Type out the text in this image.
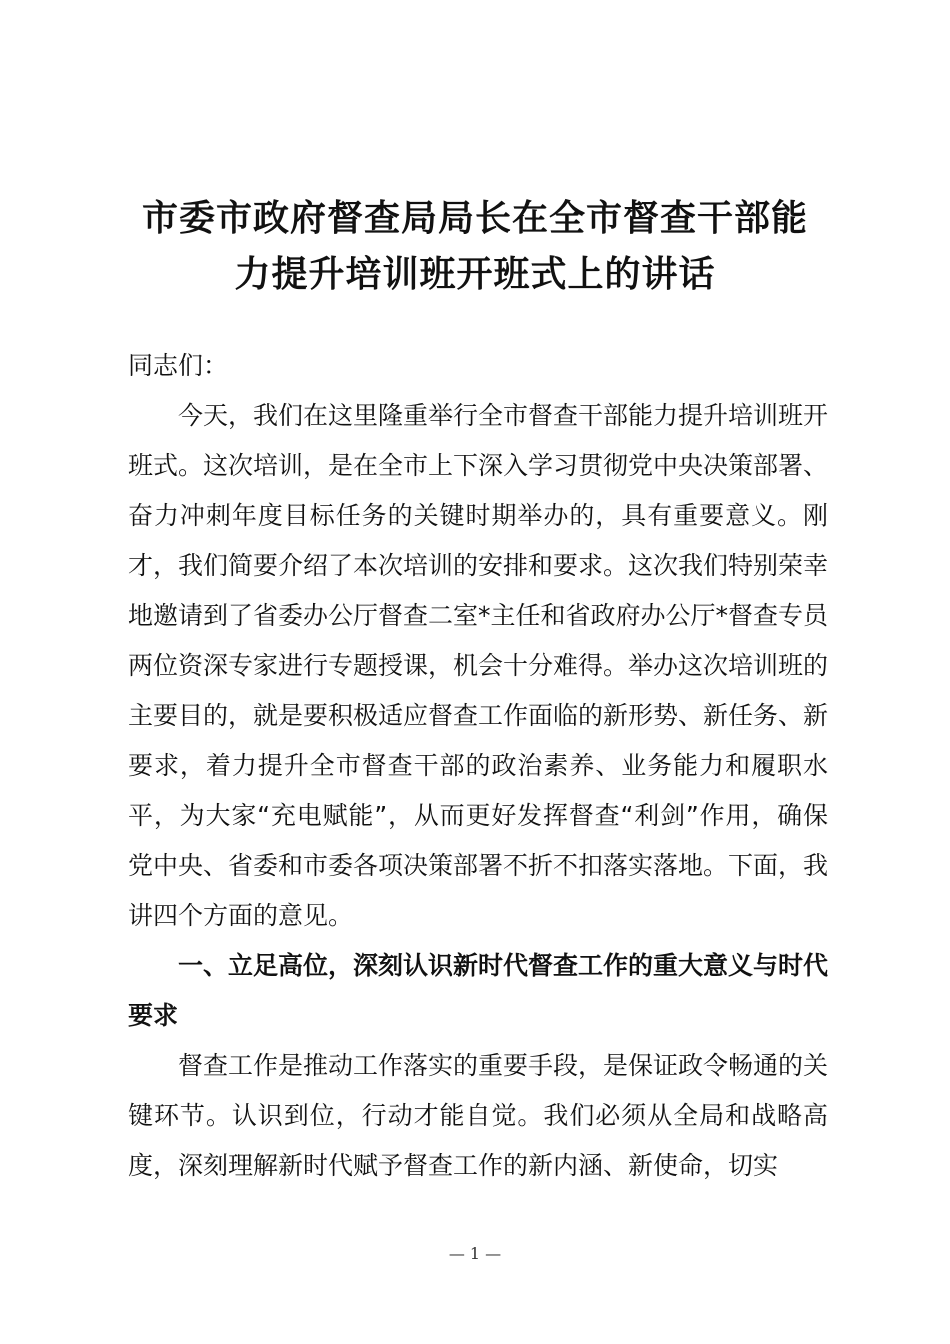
市委市政府督查局局长在全市督查干部能
力提升培训班开班式上的讲话

同志们：

今天，我们在这里隆重举行全市督查干部能力提升培训班开班式。这次培训，是在全市上下深入学习贯彻党中央决策部署、奋力冲刺年度目标任务的关键时期举办的，具有重要意义。刚才，我们简要介绍了本次培训的安排和要求。这次我们特别荣幸地邀请到了省委办公厅督查二室*主任和省政府办公厅*督查专员两位资深专家进行专题授课，机会十分难得。举办这次培训班的主要目的，就是要积极适应督查工作面临的新形势、新任务、新要求，着力提升全市督查干部的政治素养、业务能力和履职水平，为大家“充电赋能”，从而更好发挥督查“利剑”作用，确保党中央、省委和市委各项决策部署不折不扣落实落地。下面，我讲四个方面的意见。

一、立足高位，深刻认识新时代督查工作的重大意义与时代要求

督查工作是推动工作落实的重要手段，是保证政令畅通的关键环节。认识到位，行动才能自觉。我们必须从全局和战略高度，深刻理解新时代赋予督查工作的新内涵、新使命，切实

— 1 —
